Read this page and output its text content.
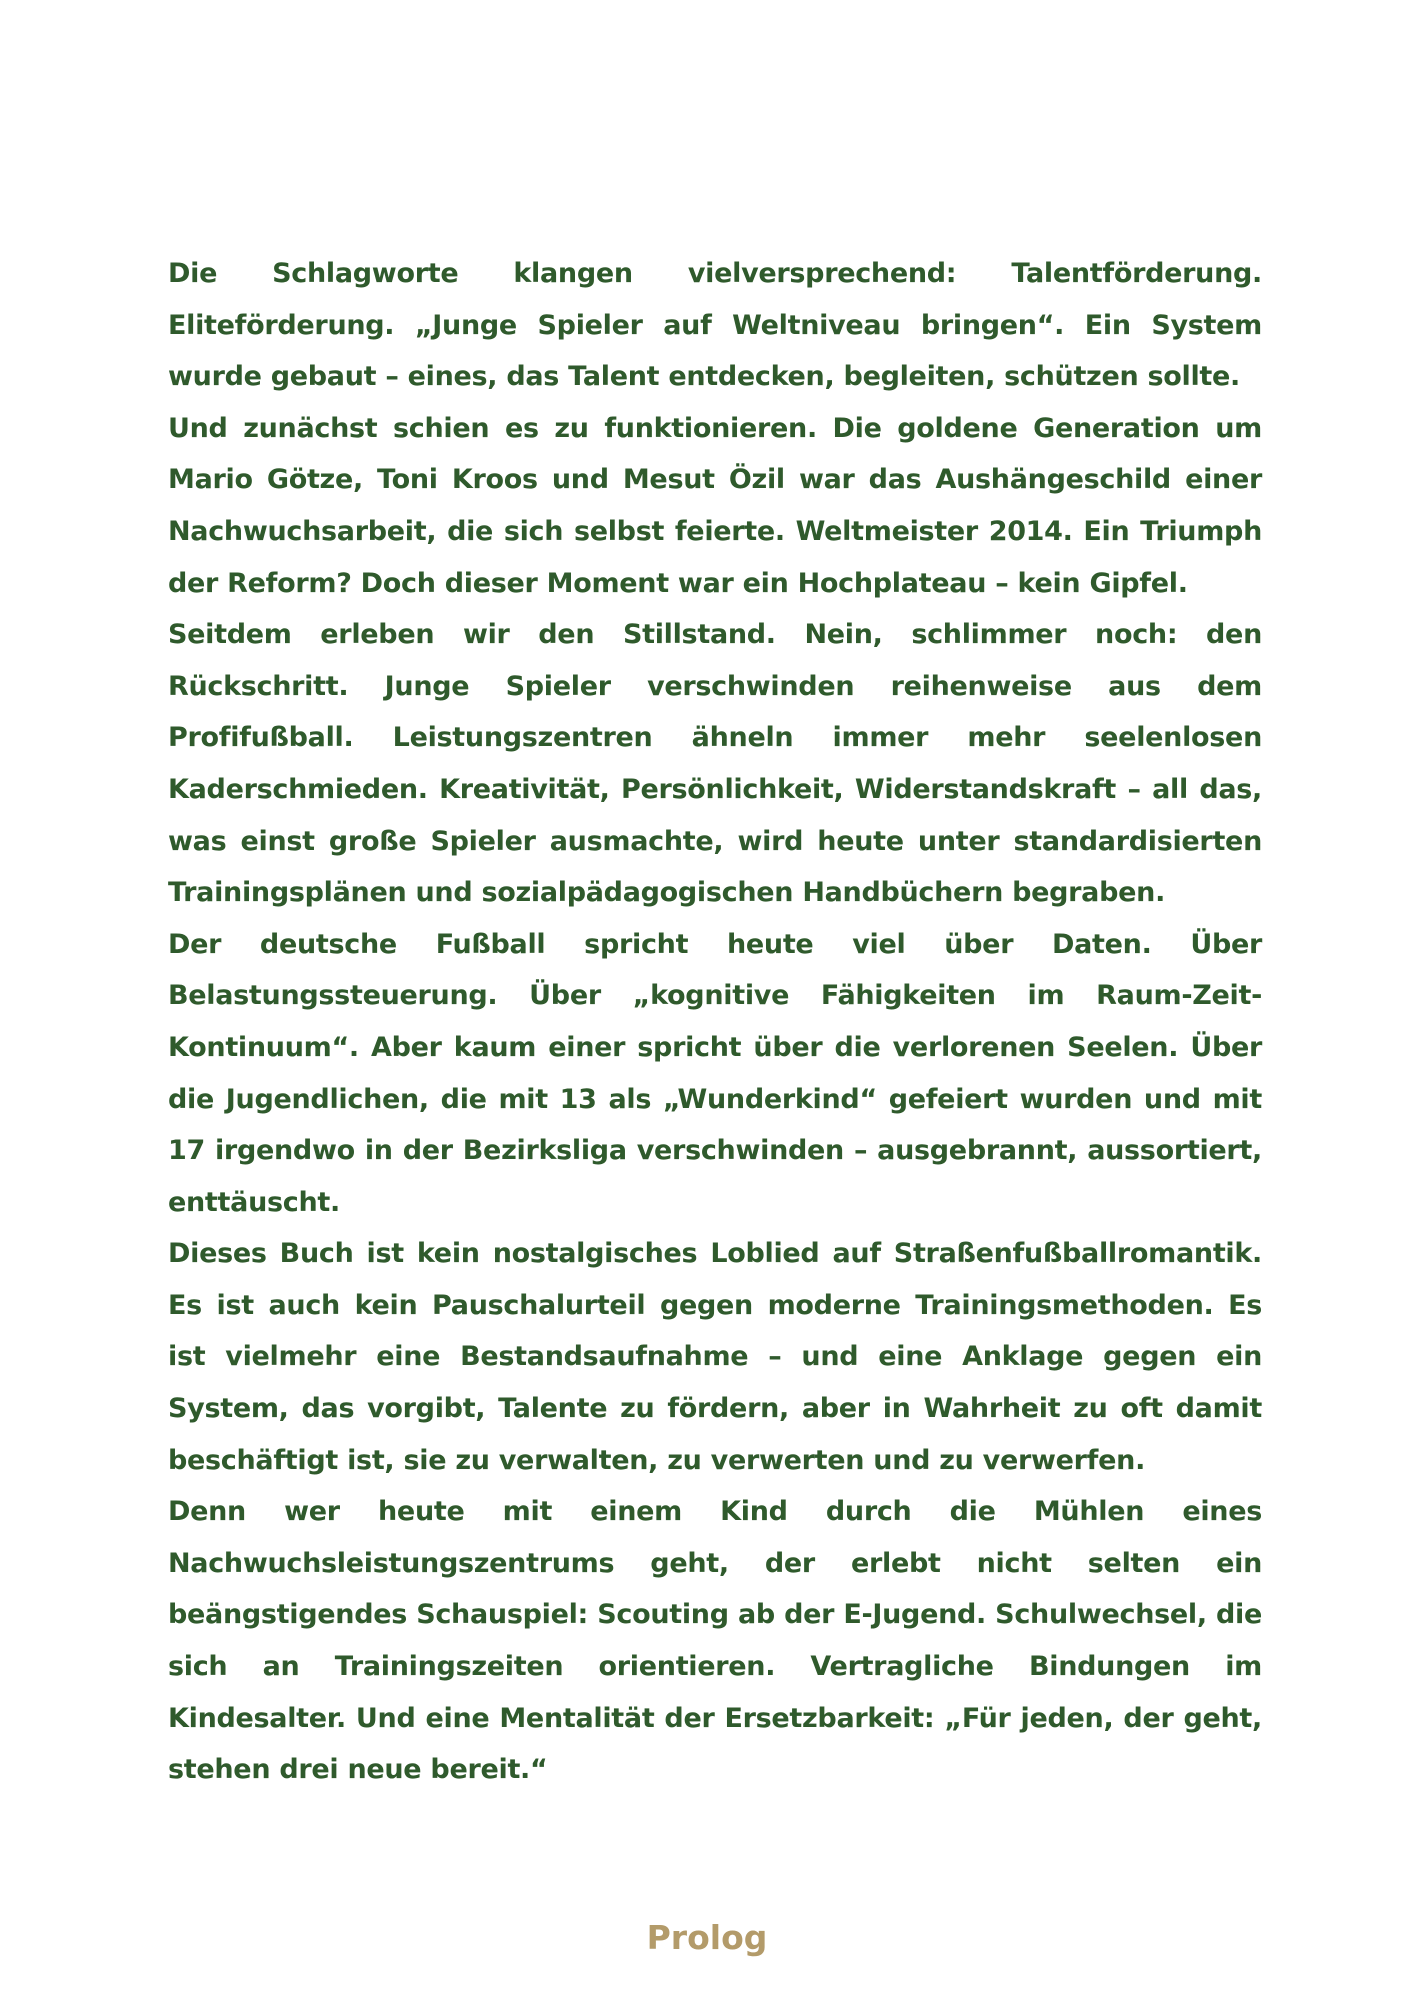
Die Schlagworte klangen vielversprechend: Talentförderung. Eliteförderung. „Junge Spieler auf Weltniveau bringen“. Ein System wurde gebaut – eines, das Talent entdecken, begleiten, schützen sollte.

Und zunächst schien es zu funktionieren. Die goldene Generation um Mario Götze, Toni Kroos und Mesut Özil war das Aushängeschild einer Nachwuchsarbeit, die sich selbst feierte. Weltmeister 2014. Ein Triumph der Reform? Doch dieser Moment war ein Hochplateau – kein Gipfel.

Seitdem erleben wir den Stillstand. Nein, schlimmer noch: den Rückschritt. Junge Spieler verschwinden reihenweise aus dem Profifußball. Leistungszentren ähneln immer mehr seelenlosen Kaderschmieden. Kreativität, Persönlichkeit, Widerstandskraft – all das, was einst große Spieler ausmachte, wird heute unter standardisierten Trainingsplänen und sozialpädagogischen Handbüchern begraben.

Der deutsche Fußball spricht heute viel über Daten. Über Belastungssteuerung. Über „kognitive Fähigkeiten im Raum-Zeit-Kontinuum“. Aber kaum einer spricht über die verlorenen Seelen. Über die Jugendlichen, die mit 13 als „Wunderkind“ gefeiert wurden und mit 17 irgendwo in der Bezirksliga verschwinden – ausgebrannt, aussortiert, enttäuscht.

Dieses Buch ist kein nostalgisches Loblied auf Straßenfußballromantik. Es ist auch kein Pauschalurteil gegen moderne Trainingsmethoden. Es ist vielmehr eine Bestandsaufnahme – und eine Anklage gegen ein System, das vorgibt, Talente zu fördern, aber in Wahrheit zu oft damit beschäftigt ist, sie zu verwalten, zu verwerten und zu verwerfen.

Denn wer heute mit einem Kind durch die Mühlen eines Nachwuchsleistungszentrums geht, der erlebt nicht selten ein beängstigendes Schauspiel: Scouting ab der E-Jugend. Schulwechsel, die sich an Trainingszeiten orientieren. Vertragliche Bindungen im Kindesalter. Und eine Mentalität der Ersetzbarkeit: „Für jeden, der geht, stehen drei neue bereit.“

Prolog
